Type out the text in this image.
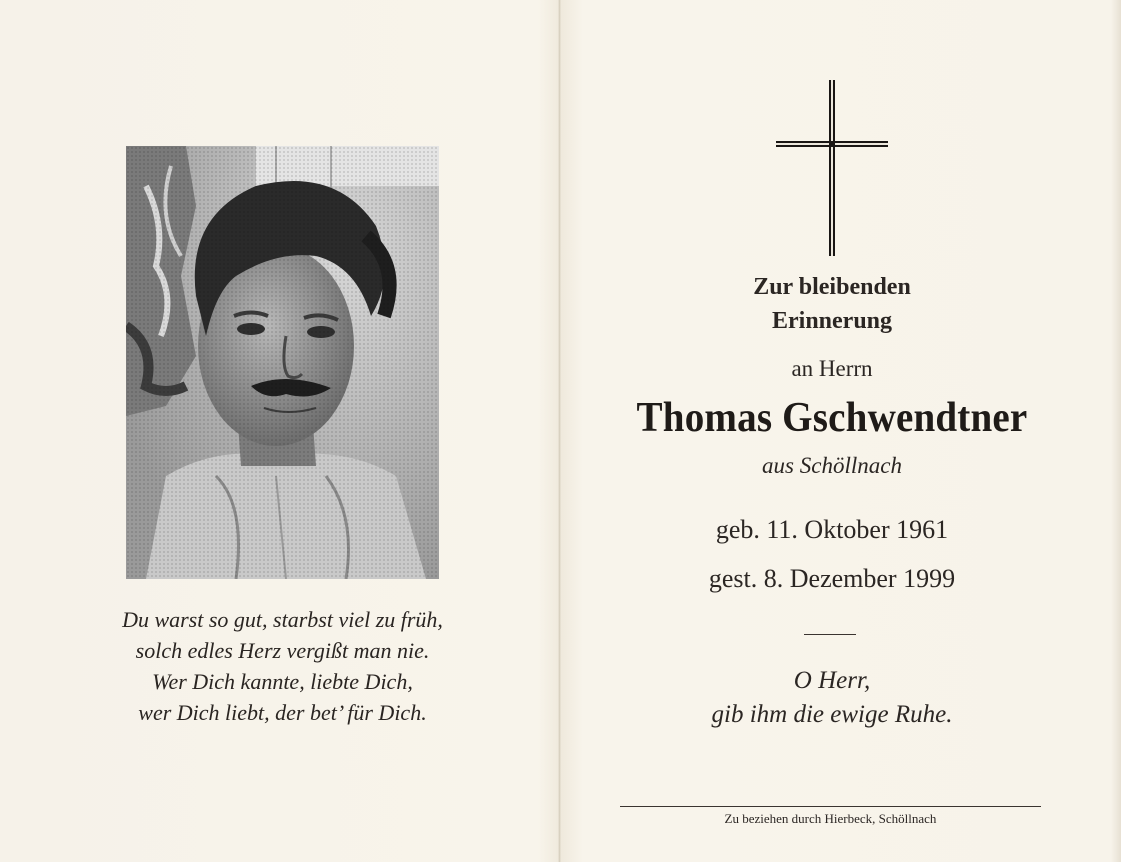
Du warst so gut, starbst viel zu früh,
solch edles Herz vergißt man nie.
Wer Dich kannte, liebte Dich,
wer Dich liebt, der bet’ für Dich.
Zur bleibenden
Erinnerung
an Herrn
Thomas Gschwendtner
aus Schöllnach
geb. 11. Oktober 1961
gest. 8. Dezember 1999
O Herr,
gib ihm die ewige Ruhe.
Zu beziehen durch Hierbeck, Schöllnach
